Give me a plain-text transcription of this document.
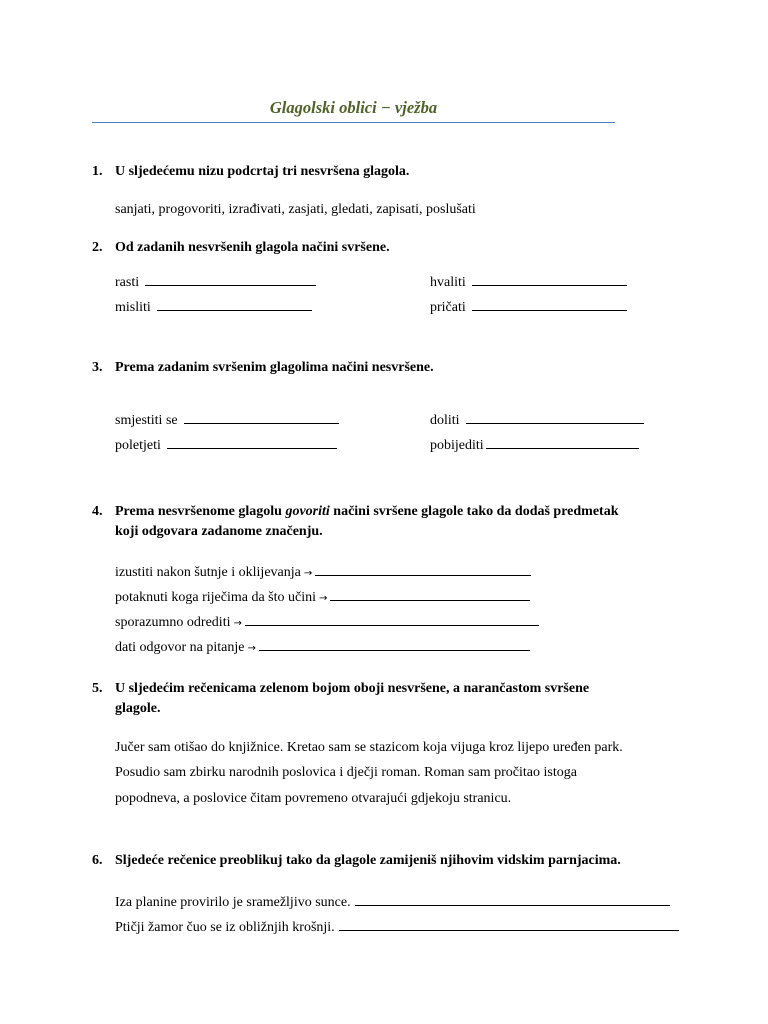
Glagolski oblici − vježba
1. U sljedećemu nizu podcrtaj tri nesvršena glagola.
sanjati, progovoriti, izrađivati, zasjati, gledati, zapisati, poslušati
2. Od zadanih nesvršenih glagola načini svršene.
rasti	hvaliti
misliti	pričati
3. Prema zadanim svršenim glagolima načini nesvršene.
smjestiti se	doliti
poletjeti	pobijediti
4. Prema nesvršenome glagolu govoriti načini svršene glagole tako da dodaš predmetak
koji odgovara zadanome značenju.
izustiti nakon šutnje i oklijevanja →
potaknuti koga riječima da što učini →
sporazumno odrediti →
dati odgovor na pitanje →
5. U sljedećim rečenicama zelenom bojom oboji nesvršene, a narančastom svršene
glagole.
Jučer sam otišao do knjižnice. Kretao sam se stazicom koja vijuga kroz lijepo uređen park.
Posudio sam zbirku narodnih poslovica i dječji roman. Roman sam pročitao istoga
popodneva, a poslovice čitam povremeno otvarajući gdjekoju stranicu.
6. Sljedeće rečenice preoblikuj tako da glagole zamijeniš njihovim vidskim parnjacima.
Iza planine provirilo je sramežljivo sunce.
Ptičji žamor čuo se iz obližnjih krošnji.
